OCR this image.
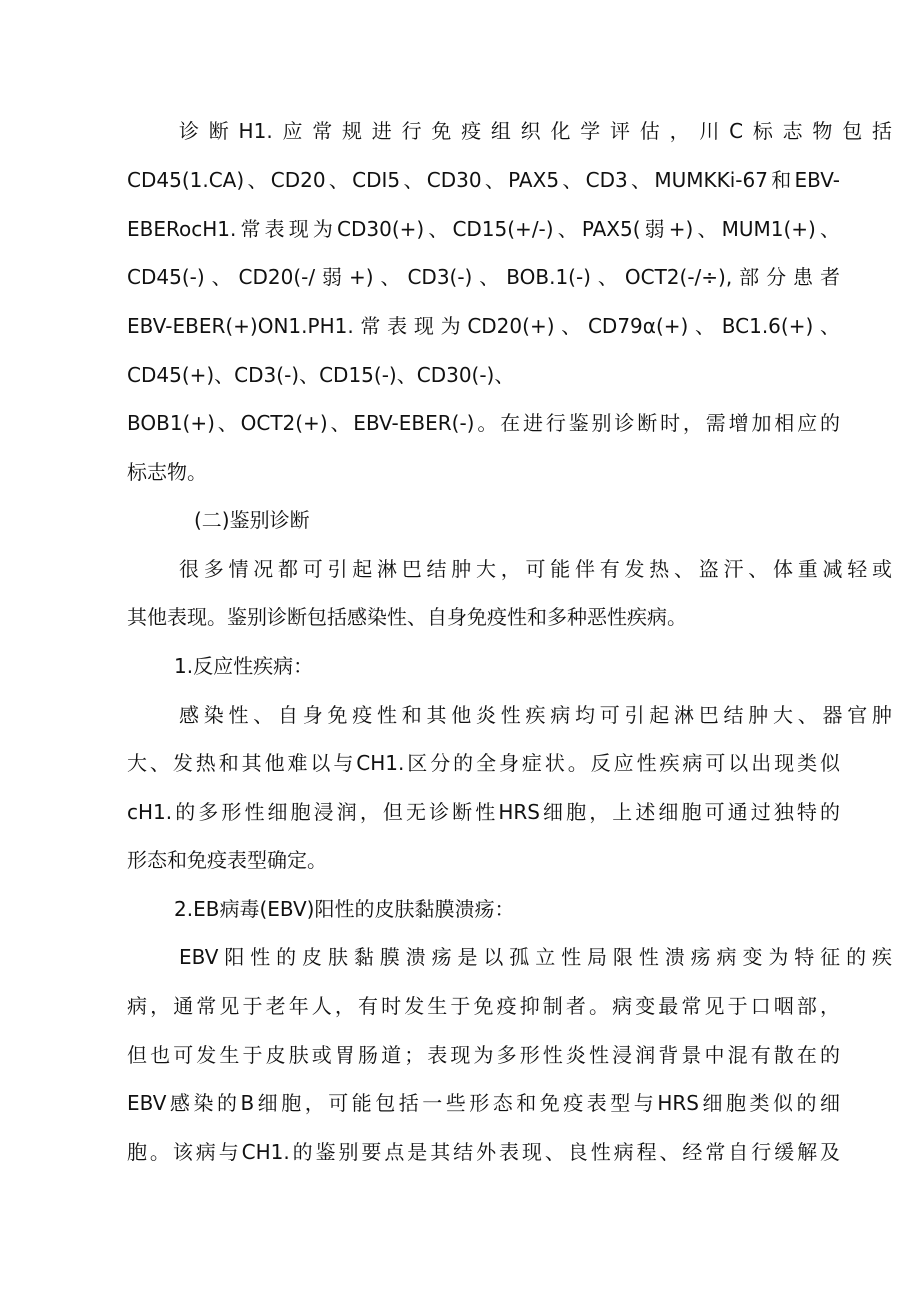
诊断H1.应常规进行免疫组织化学评估，川C标志物包括

CD45(1.CA)、CD20、CDI5、CD30、PAX5、CD3、MUMKKi-67和EBV-

EBERocH1.常表现为CD30(+)、CD15(+/-)、PAX5(弱+)、MUM1(+)、

CD45(-)、CD20(-/弱+)、CD3(-)、BOB.1(-)、OCT2(-/÷),部分患者

EBV-EBER(+)ON1.PH1.常表现为CD20(+)、CD79α(+)、BC1.6(+)、

CD45(+)、CD3(-)、CD15(-)、CD30(-)、

BOB1(+)、OCT2(+)、EBV-EBER(-)。在进行鉴别诊断时，需增加相应的

标志物。

(二)鉴别诊断

很多情况都可引起淋巴结肿大，可能伴有发热、盗汗、体重减轻或

其他表现。鉴别诊断包括感染性、自身免疫性和多种恶性疾病。

1.反应性疾病：

感染性、自身免疫性和其他炎性疾病均可引起淋巴结肿大、器官肿

大、发热和其他难以与CH1.区分的全身症状。反应性疾病可以出现类似

cH1.的多形性细胞浸润，但无诊断性HRS细胞，上述细胞可通过独特的

形态和免疫表型确定。

2.EB病毒(EBV)阳性的皮肤黏膜溃疡：

EBV阳性的皮肤黏膜溃疡是以孤立性局限性溃疡病变为特征的疾

病，通常见于老年人，有时发生于免疫抑制者。病变最常见于口咽部，

但也可发生于皮肤或胃肠道；表现为多形性炎性浸润背景中混有散在的

EBV感染的B细胞，可能包括一些形态和免疫表型与HRS细胞类似的细

胞。该病与CH1.的鉴别要点是其结外表现、良性病程、经常自行缓解及
